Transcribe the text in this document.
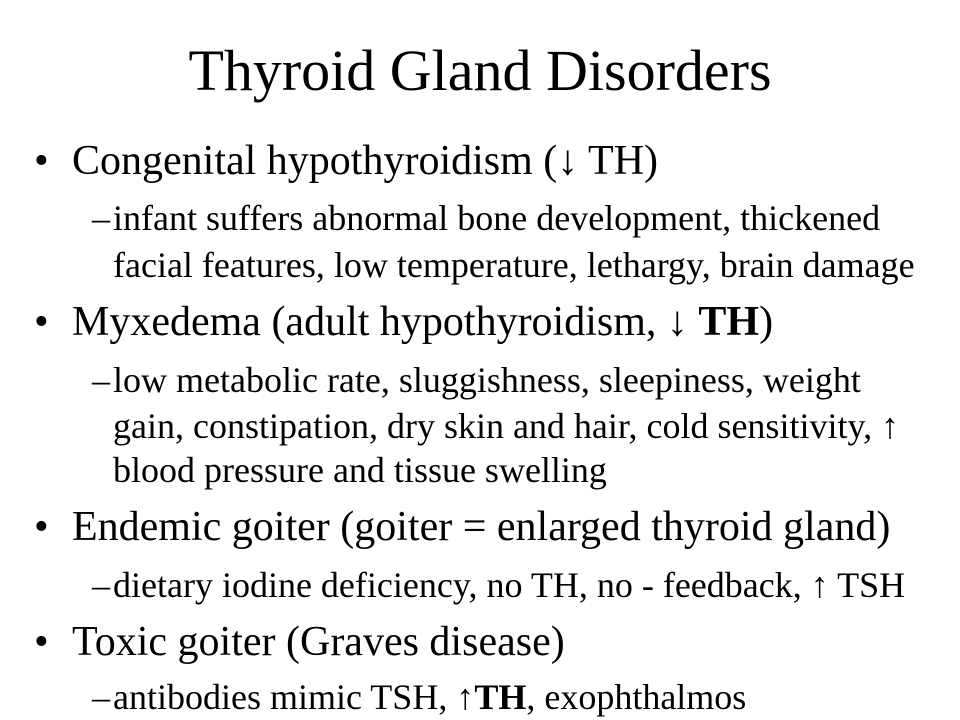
Thyroid Gland Disorders
• Congenital hypothyroidism (↓ TH)
– infant suffers abnormal bone development, thickened
facial features, low temperature, lethargy, brain damage
• Myxedema (adult hypothyroidism, ↓ TH)
– low metabolic rate, sluggishness, sleepiness, weight
gain, constipation, dry skin and hair, cold sensitivity, ↑
blood pressure and tissue swelling
• Endemic goiter (goiter = enlarged thyroid gland)
– dietary iodine deficiency, no TH, no - feedback, ↑ TSH
• Toxic goiter (Graves disease)
– antibodies mimic TSH, ↑TH, exophthalmos
